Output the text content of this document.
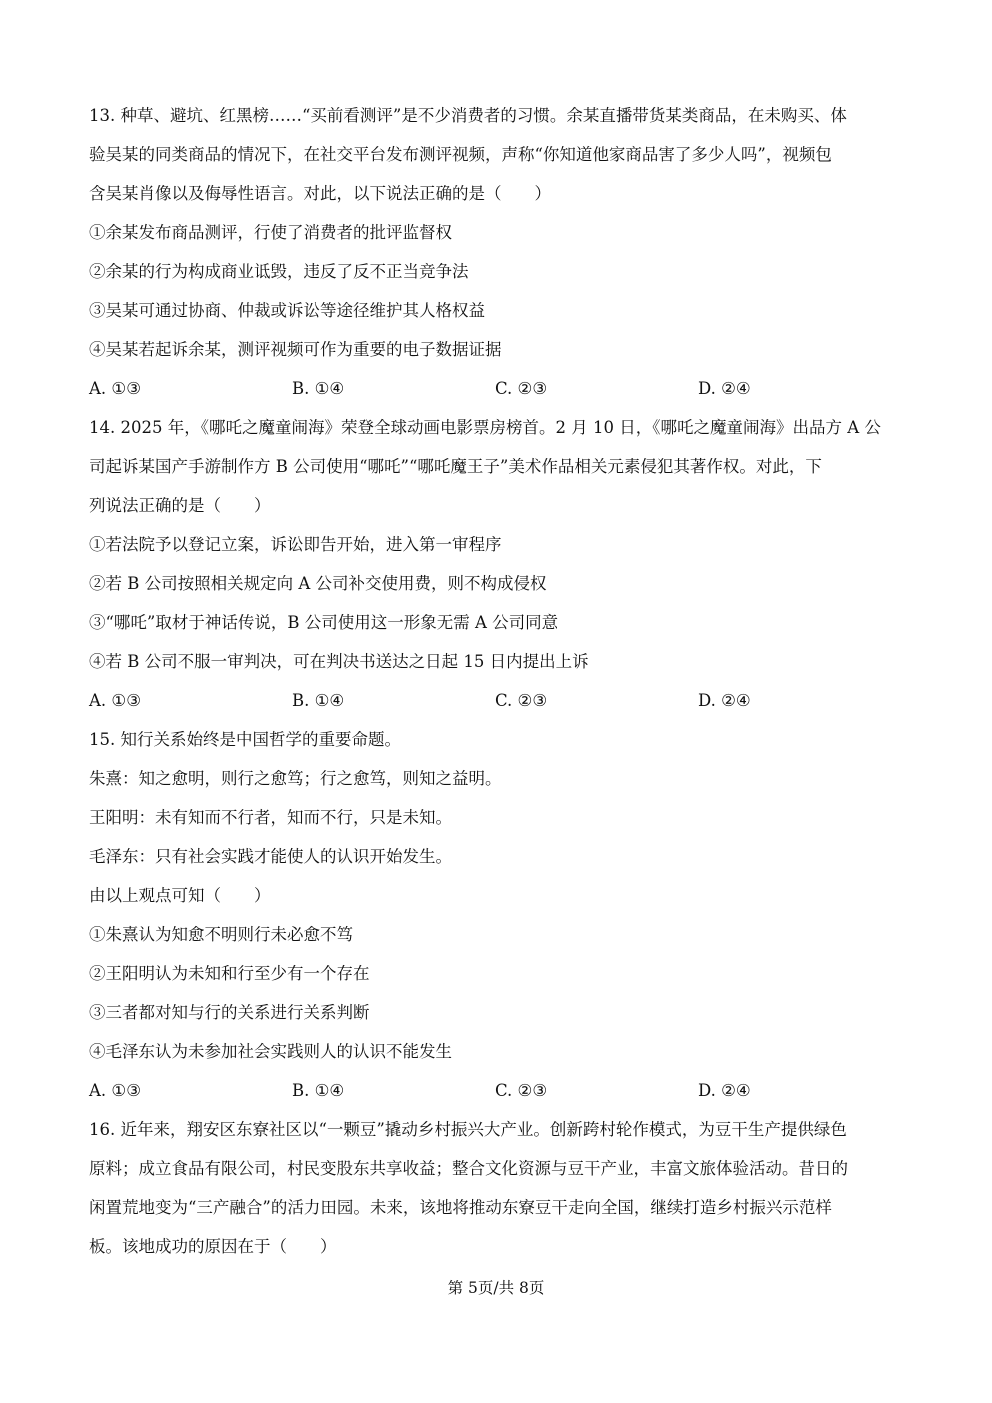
13. 种草、避坑、红黑榜……“买前看测评”是不少消费者的习惯。余某直播带货某类商品，在未购买、体
验吴某的同类商品的情况下，在社交平台发布测评视频，声称“你知道他家商品害了多少人吗”，视频包
含吴某肖像以及侮辱性语言。对此，以下说法正确的是（　　）
①余某发布商品测评，行使了消费者的批评监督权
②余某的行为构成商业诋毁，违反了反不正当竞争法
③吴某可通过协商、仲裁或诉讼等途径维护其人格权益
④吴某若起诉余某，测评视频可作为重要的电子数据证据
A. ①③	B. ①④	C. ②③	D. ②④
14. 2025 年，《哪吒之魔童闹海》荣登全球动画电影票房榜首。2 月 10 日，《哪吒之魔童闹海》出品方 A 公
司起诉某国产手游制作方 B 公司使用“哪吒”“哪吒魔王子”美术作品相关元素侵犯其著作权。对此，下
列说法正确的是（　　）
①若法院予以登记立案，诉讼即告开始，进入第一审程序
②若 B 公司按照相关规定向 A 公司补交使用费，则不构成侵权
③“哪吒”取材于神话传说，B 公司使用这一形象无需 A 公司同意
④若 B 公司不服一审判决，可在判决书送达之日起 15 日内提出上诉
A. ①③	B. ①④	C. ②③	D. ②④
15. 知行关系始终是中国哲学的重要命题。
朱熹：知之愈明，则行之愈笃；行之愈笃，则知之益明。
王阳明：未有知而不行者，知而不行，只是未知。
毛泽东：只有社会实践才能使人的认识开始发生。
由以上观点可知（　　）
①朱熹认为知愈不明则行未必愈不笃
②王阳明认为未知和行至少有一个存在
③三者都对知与行的关系进行关系判断
④毛泽东认为未参加社会实践则人的认识不能发生
A. ①③	B. ①④	C. ②③	D. ②④
16. 近年来，翔安区东寮社区以“一颗豆”撬动乡村振兴大产业。创新跨村轮作模式，为豆干生产提供绿色
原料；成立食品有限公司，村民变股东共享收益；整合文化资源与豆干产业，丰富文旅体验活动。昔日的
闲置荒地变为“三产融合”的活力田园。未来，该地将推动东寮豆干走向全国，继续打造乡村振兴示范样
板。该地成功的原因在于（　　）
第 5页/共 8页
